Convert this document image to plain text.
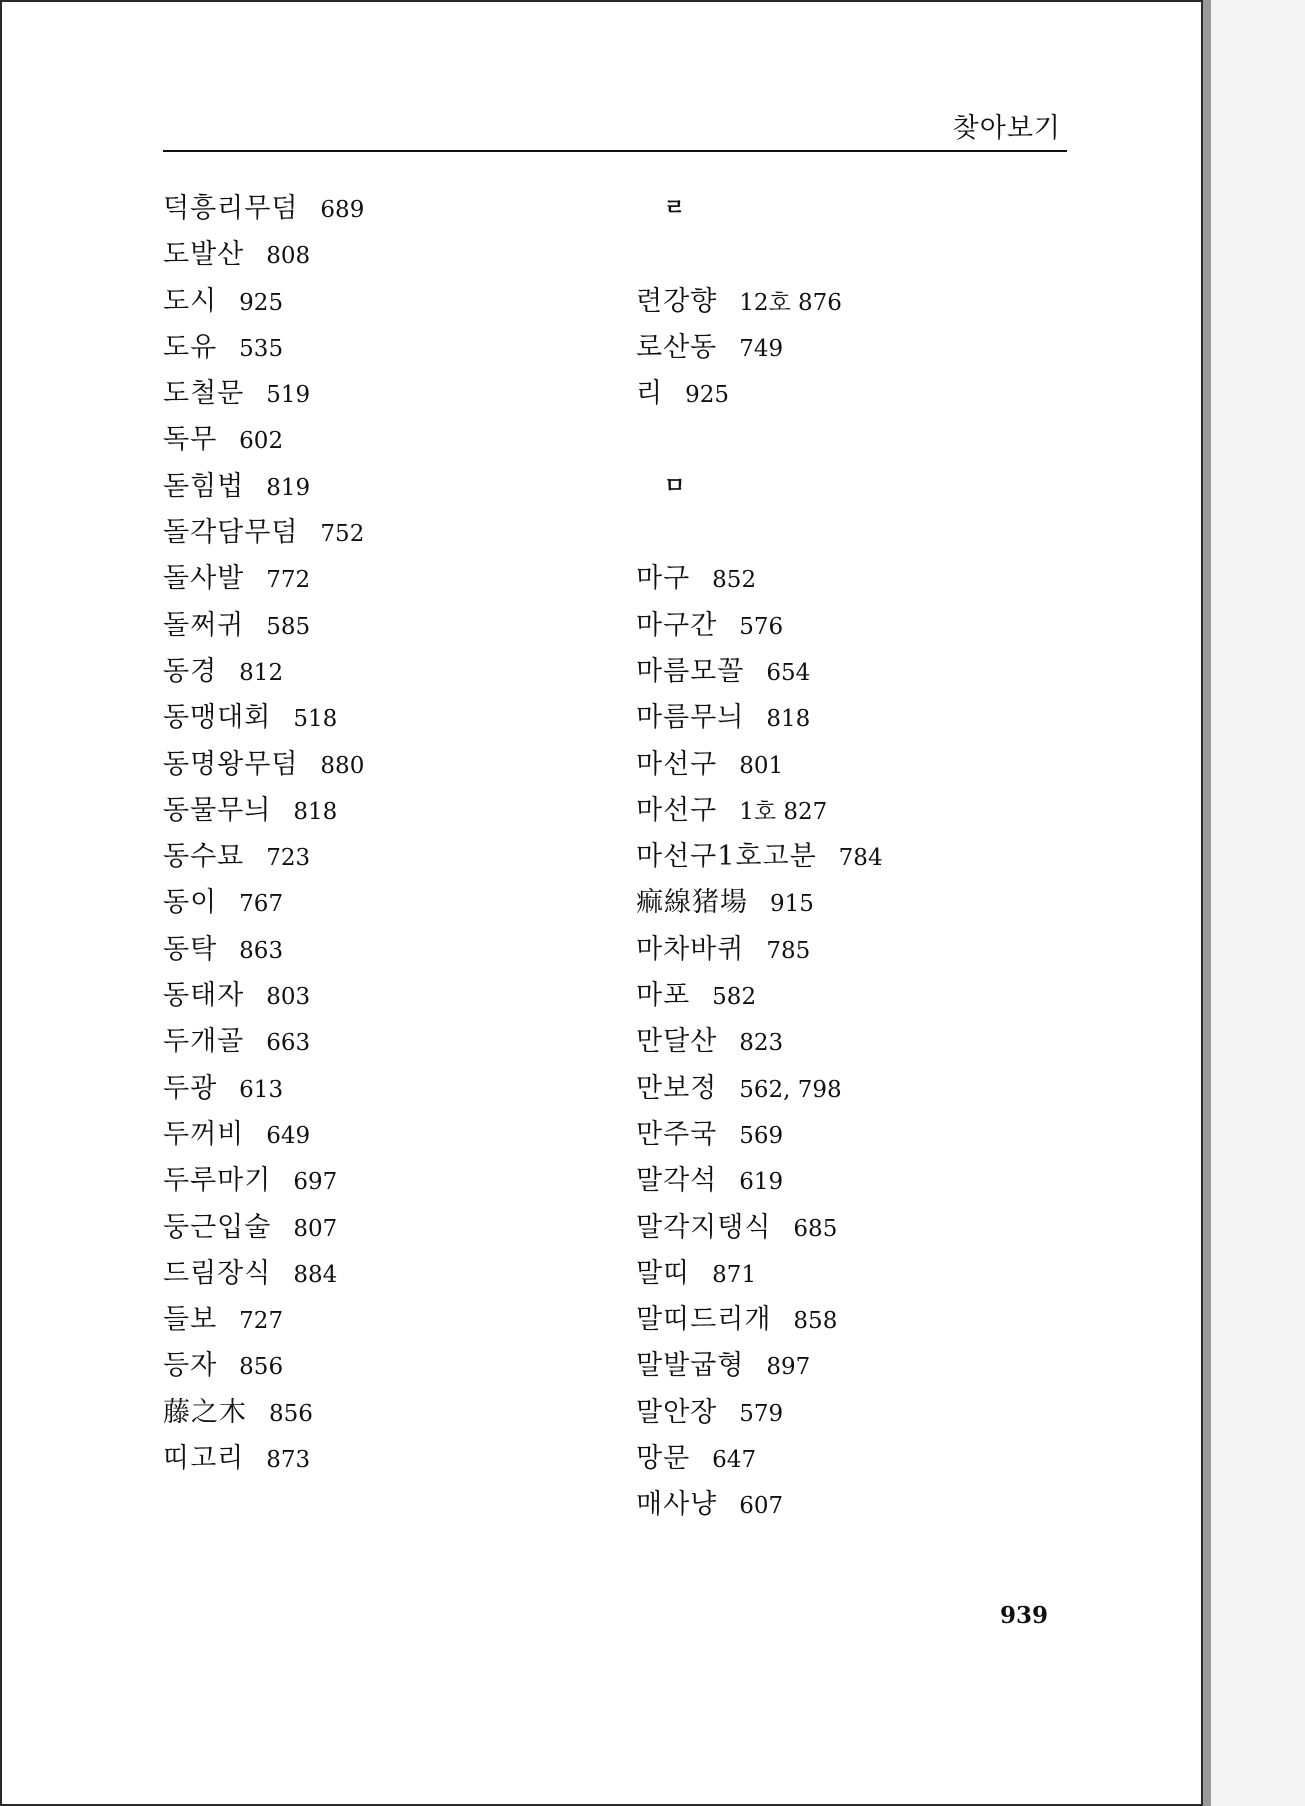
찾아보기
덕흥리무덤 689
도발산 808
도시 925
도유 535
도철문 519
독무 602
돋힘법 819
돌각담무덤 752
돌사발 772
돌쩌귀 585
동경 812
동맹대회 518
동명왕무덤 880
동물무늬 818
동수묘 723
동이 767
동탁 863
동태자 803
두개골 663
두광 613
두꺼비 649
두루마기 697
둥근입술 807
드림장식 884
들보 727
등자 856
藤之木 856
띠고리 873
ㄹ
련강향 12호 876
로산동 749
리 925
ㅁ
마구 852
마구간 576
마름모꼴 654
마름무늬 818
마선구 801
마선구 1호 827
마선구1호고분 784
痲線猪場 915
마차바퀴 785
마포 582
만달산 823
만보정 562, 798
만주국 569
말각석 619
말각지탱식 685
말띠 871
말띠드리개 858
말발굽형 897
말안장 579
망문 647
매사냥 607
939
